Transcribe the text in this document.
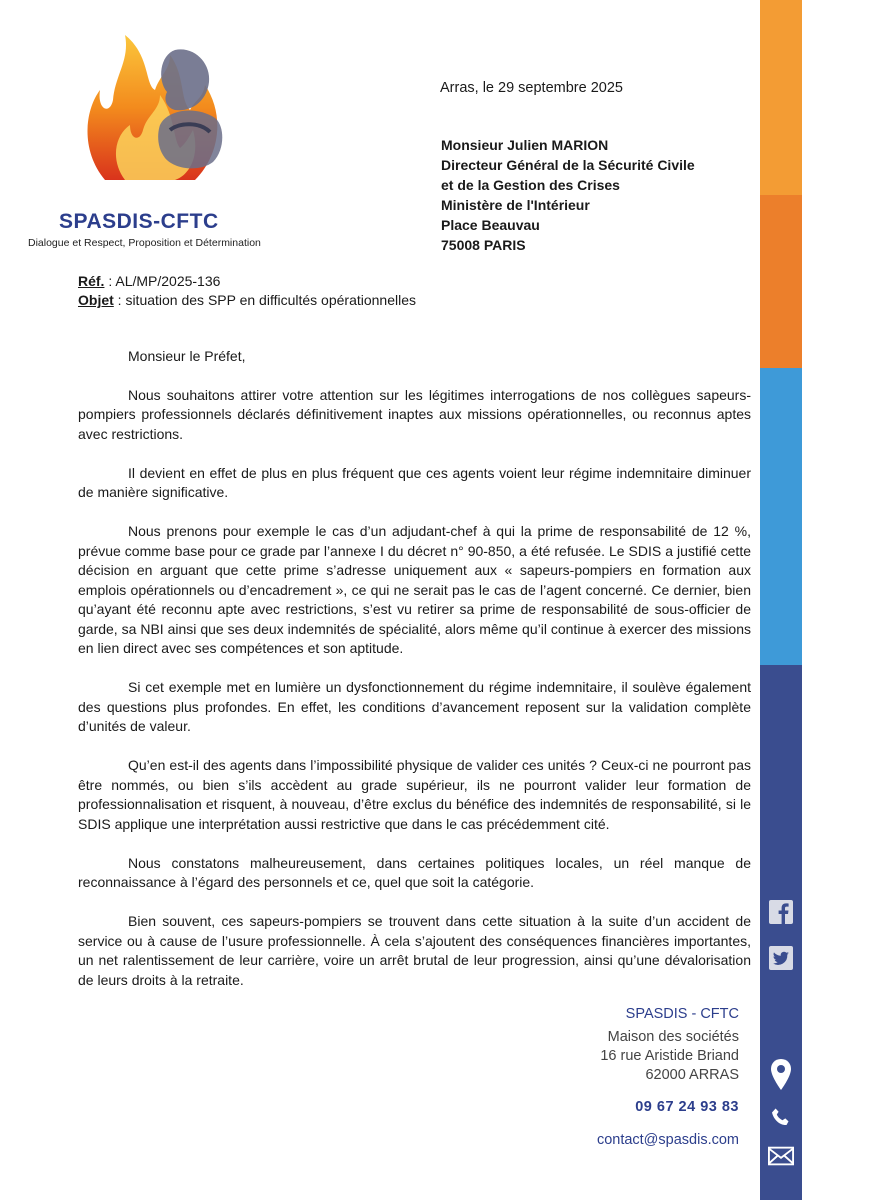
SPASDIS-CFTC
Dialogue et Respect, Proposition et Détermination
Arras, le 29 septembre 2025
Monsieur Julien MARION
Directeur Général de la Sécurité Civile
et de la Gestion des Crises
Ministère de l'Intérieur
Place Beauvau
75008 PARIS
Réf. : AL/MP/2025-136
Objet : situation des SPP en difficultés opérationnelles
Monsieur le Préfet,

Nous souhaitons attirer votre attention sur les légitimes interrogations de nos collègues sapeurs-pompiers professionnels déclarés définitivement inaptes aux missions opérationnelles, ou reconnus aptes avec restrictions.

Il devient en effet de plus en plus fréquent que ces agents voient leur régime indemnitaire diminuer de manière significative.

Nous prenons pour exemple le cas d’un adjudant-chef à qui la prime de responsabilité de 12 %, prévue comme base pour ce grade par l’annexe I du décret n° 90-850, a été refusée. Le SDIS a justifié cette décision en arguant que cette prime s’adresse uniquement aux « sapeurs-pompiers en formation aux emplois opérationnels ou d’encadrement », ce qui ne serait pas le cas de l’agent concerné. Ce dernier, bien qu’ayant été reconnu apte avec restrictions, s’est vu retirer sa prime de responsabilité de sous-officier de garde, sa NBI ainsi que ses deux indemnités de spécialité, alors même qu’il continue à exercer des missions en lien direct avec ses compétences et son aptitude.

Si cet exemple met en lumière un dysfonctionnement du régime indemnitaire, il soulève également des questions plus profondes. En effet, les conditions d’avancement reposent sur la validation complète d’unités de valeur.

Qu’en est-il des agents dans l’impossibilité physique de valider ces unités ? Ceux-ci ne pourront pas être nommés, ou bien s’ils accèdent au grade supérieur, ils ne pourront valider leur formation de professionnalisation et risquent, à nouveau, d’être exclus du bénéfice des indemnités de responsabilité, si le SDIS applique une interprétation aussi restrictive que dans le cas précédemment cité.

Nous constatons malheureusement, dans certaines politiques locales, un réel manque de reconnaissance à l’égard des personnels et ce, quel que soit la catégorie.

Bien souvent, ces sapeurs-pompiers se trouvent dans cette situation à la suite d’un accident de service ou à cause de l’usure professionnelle. À cela s’ajoutent des conséquences financières importantes, un net ralentissement de leur carrière, voire un arrêt brutal de leur progression, ainsi qu’une dévalorisation de leurs droits à la retraite.

SPASDIS - CFTC
Maison des sociétés
16 rue Aristide Briand
62000 ARRAS
09 67 24 93 83
contact@spasdis.com
